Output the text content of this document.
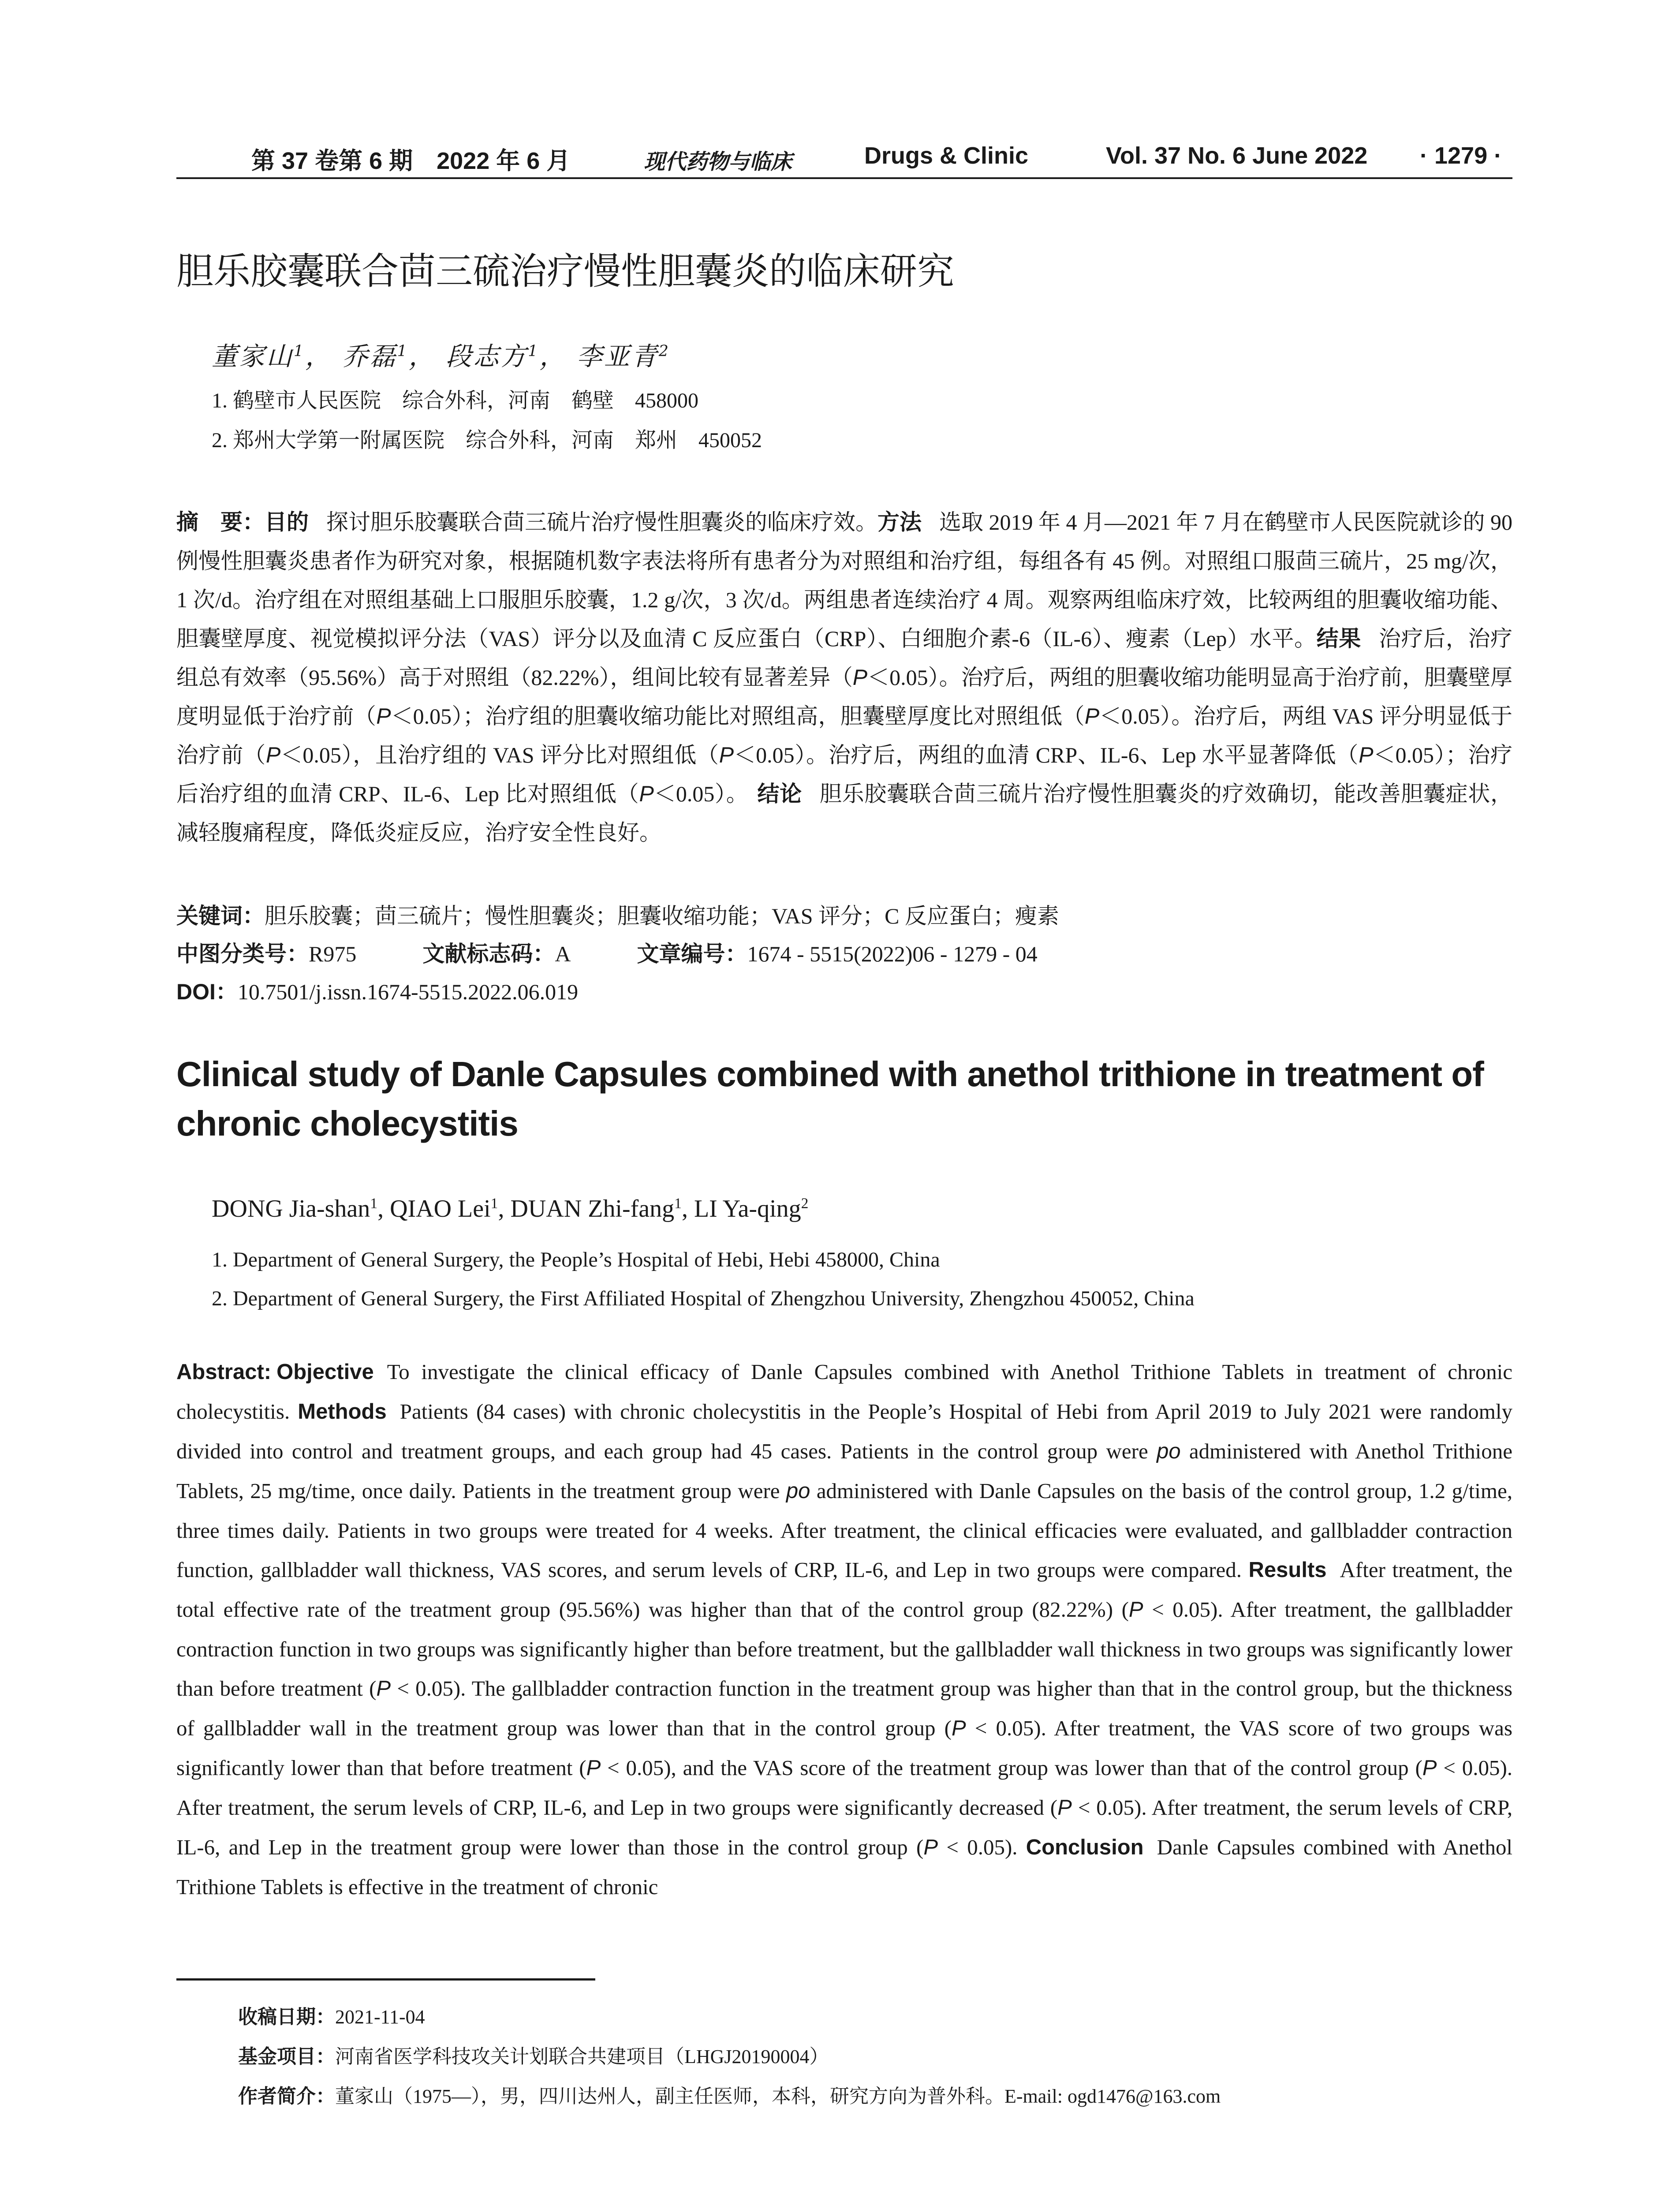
第 37 卷第 6 期　2022 年 6 月	现代药物与临床	Drugs & Clinic	Vol. 37 No. 6 June 2022 · 1279 ·
胆乐胶囊联合茴三硫治疗慢性胆囊炎的临床研究
董家山$^1$， 乔磊$^1$， 段志方$^1$， 李亚青$^2$
1. 鹤壁市人民医院　综合外科，河南　鹤壁　458000
2. 郑州大学第一附属医院　综合外科，河南　郑州　450052
摘　要：目的 探讨胆乐胶囊联合茴三硫片治疗慢性胆囊炎的临床疗效。方法 选取 2019 年 4 月—2021 年 7 月在鹤壁市人民医院就诊的 90 例慢性胆囊炎患者作为研究对象，根据随机数字表法将所有患者分为对照组和治疗组，每组各有 45 例。对照组口服茴三硫片，25 mg/次，1 次/d。治疗组在对照组基础上口服胆乐胶囊，1.2 g/次，3 次/d。两组患者连续治疗 4 周。观察两组临床疗效，比较两组的胆囊收缩功能、胆囊壁厚度、视觉模拟评分法（VAS）评分以及血清 C 反应蛋白（CRP）、白细胞介素-6（IL-6）、瘦素（Lep）水平。结果 治疗后，治疗组总有效率（95.56%）高于对照组（82.22%），组间比较有显著差异（P＜0.05）。治疗后，两组的胆囊收缩功能明显高于治疗前，胆囊壁厚度明显低于治疗前（P＜0.05）；治疗组的胆囊收缩功能比对照组高，胆囊壁厚度比对照组低（P＜0.05）。治疗后，两组 VAS 评分明显低于治疗前（P＜0.05），且治疗组的 VAS 评分比对照组低（P＜0.05）。治疗后，两组的血清 CRP、IL-6、Lep 水平显著降低（P＜0.05）；治疗后治疗组的血清 CRP、IL-6、Lep 比对照组低（P＜0.05）。 结论 胆乐胶囊联合茴三硫片治疗慢性胆囊炎的疗效确切，能改善胆囊症状，减轻腹痛程度，降低炎症反应，治疗安全性良好。
关键词：胆乐胶囊；茴三硫片；慢性胆囊炎；胆囊收缩功能；VAS 评分；C 反应蛋白；瘦素
中图分类号：R975	文献标志码：A	文章编号：1674 - 5515(2022)06 - 1279 - 04
DOI：10.7501/j.issn.1674-5515.2022.06.019
Clinical study of Danle Capsules combined with anethol trithione in treatment of chronic cholecystitis
DONG Jia-shan$^1$, QIAO Lei$^1$, DUAN Zhi-fang$^1$, LI Ya-qing$^2$
1. Department of General Surgery, the People’s Hospital of Hebi, Hebi 458000, China
2. Department of General Surgery, the First Affiliated Hospital of Zhengzhou University, Zhengzhou 450052, China
Abstract: Objective To investigate the clinical efficacy of Danle Capsules combined with Anethol Trithione Tablets in treatment of chronic cholecystitis. Methods Patients (84 cases) with chronic cholecystitis in the People’s Hospital of Hebi from April 2019 to July 2021 were randomly divided into control and treatment groups, and each group had 45 cases. Patients in the control group were po administered with Anethol Trithione Tablets, 25 mg/time, once daily. Patients in the treatment group were po administered with Danle Capsules on the basis of the control group, 1.2 g/time, three times daily. Patients in two groups were treated for 4 weeks. After treatment, the clinical efficacies were evaluated, and gallbladder contraction function, gallbladder wall thickness, VAS scores, and serum levels of CRP, IL-6, and Lep in two groups were compared. Results After treatment, the total effective rate of the treatment group (95.56%) was higher than that of the control group (82.22%) (P < 0.05). After treatment, the gallbladder contraction function in two groups was significantly higher than before treatment, but the gallbladder wall thickness in two groups was significantly lower than before treatment (P < 0.05). The gallbladder contraction function in the treatment group was higher than that in the control group, but the thickness of gallbladder wall in the treatment group was lower than that in the control group (P < 0.05). After treatment, the VAS score of two groups was significantly lower than that before treatment (P < 0.05), and the VAS score of the treatment group was lower than that of the control group (P < 0.05). After treatment, the serum levels of CRP, IL-6, and Lep in two groups were significantly decreased (P < 0.05). After treatment, the serum levels of CRP, IL-6, and Lep in the treatment group were lower than those in the control group (P < 0.05). Conclusion Danle Capsules combined with Anethol Trithione Tablets is effective in the treatment of chronic
收稿日期：2021-11-04
基金项目：河南省医学科技攻关计划联合共建项目（LHGJ20190004）
作者简介：董家山（1975—），男，四川达州人，副主任医师，本科，研究方向为普外科。E-mail: ogd1476@163.com
